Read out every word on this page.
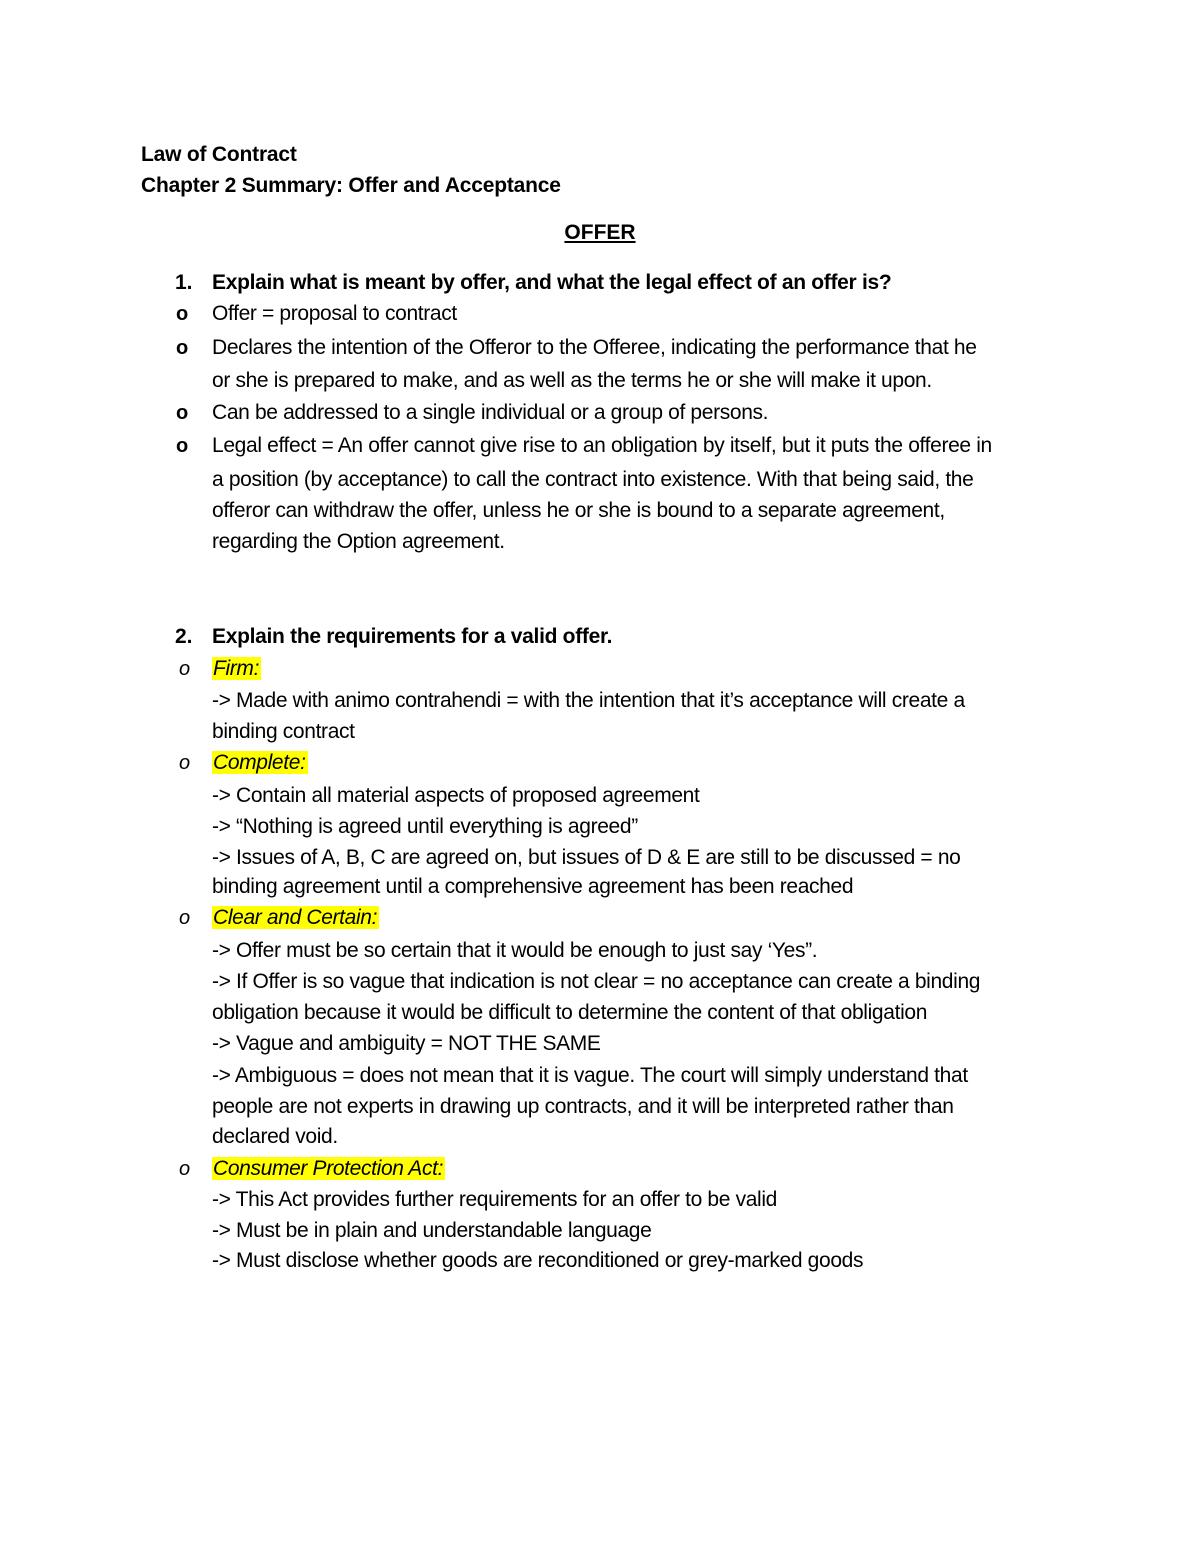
Law of Contract
Chapter 2 Summary: Offer and Acceptance
OFFER
1. Explain what is meant by offer, and what the legal effect of an offer is?
o Offer = proposal to contract
o Declares the intention of the Offeror to the Offeree, indicating the performance that he
or she is prepared to make, and as well as the terms he or she will make it upon.
o Can be addressed to a single individual or a group of persons.
o Legal effect = An offer cannot give rise to an obligation by itself, but it puts the offeree in
a position (by acceptance) to call the contract into existence. With that being said, the
offeror can withdraw the offer, unless he or she is bound to a separate agreement,
regarding the Option agreement.
2. Explain the requirements for a valid offer.
o Firm:
-> Made with animo contrahendi = with the intention that it’s acceptance will create a
binding contract
o Complete:
-> Contain all material aspects of proposed agreement
-> “Nothing is agreed until everything is agreed”
-> Issues of A, B, C are agreed on, but issues of D & E are still to be discussed = no
binding agreement until a comprehensive agreement has been reached
o Clear and Certain:
-> Offer must be so certain that it would be enough to just say ‘Yes”.
-> If Offer is so vague that indication is not clear = no acceptance can create a binding
obligation because it would be difficult to determine the content of that obligation
-> Vague and ambiguity = NOT THE SAME
-> Ambiguous = does not mean that it is vague. The court will simply understand that
people are not experts in drawing up contracts, and it will be interpreted rather than
declared void.
o Consumer Protection Act:
-> This Act provides further requirements for an offer to be valid
-> Must be in plain and understandable language
-> Must disclose whether goods are reconditioned or grey-marked goods
